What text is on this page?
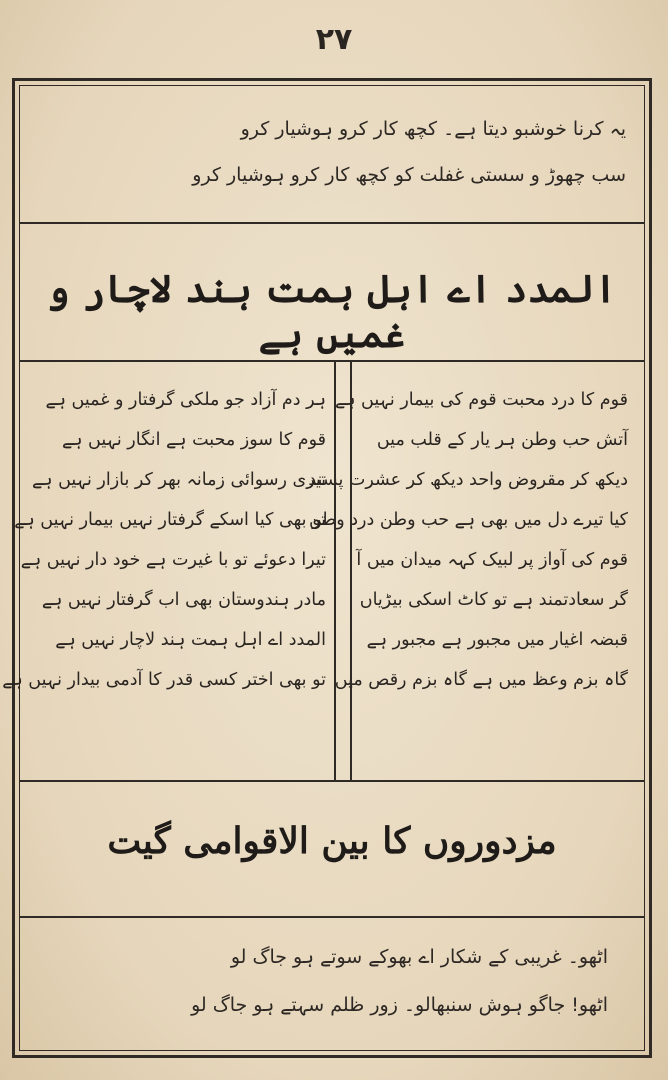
۲۷
یہ کرنا خوشبو دیتا ہے۔ کچھ کار کرو ہوشیار کرو
سب چھوڑ و سستی غفلت کو کچھ کار کرو ہوشیار کرو
المدد اے اہل ہمت ہند لاچار و غمیں ہے
قوم کا درد محبت قوم کی بیمار نہیں ہے
آتش حب وطن ہر یار کے قلب میں
دیکھ کر مقروض واحد دیکھ کر عشرت پسند
کیا تیرے دل میں بھی ہے حب وطن درد وطن
قوم کی آواز پر لبیک کہہ میدان میں آ
گر سعادتمند ہے تو کاٹ اسکی بیڑیاں
قبضہ اغیار میں مجبور ہے مجبور ہے
گاہ بزم وعظ میں ہے گاہ بزم رقص میں
ہر دم آزاد جو ملکی گرفتار و غمیں ہے
قوم کا سوز محبت ہے انگار نہیں ہے
تیری رسوائی زمانہ بھر کر بازار نہیں ہے
تو بھی کیا اسکے گرفتار نہیں بیمار نہیں ہے
تیرا دعوئے تو با غیرت ہے خود دار نہیں ہے
مادر ہندوستان بھی اب گرفتار نہیں ہے
المدد اے اہل ہمت ہند لاچار نہیں ہے
تو بھی اختر کسی قدر کا آدمی بیدار نہیں ہے
مزدوروں کا بین الاقوامی گیت
اٹھو۔ غریبی کے شکار اے بھوکے سوتے ہو جاگ لو
اٹھو! جاگو ہوش سنبھالو۔ زور ظلم سہتے ہو جاگ لو
